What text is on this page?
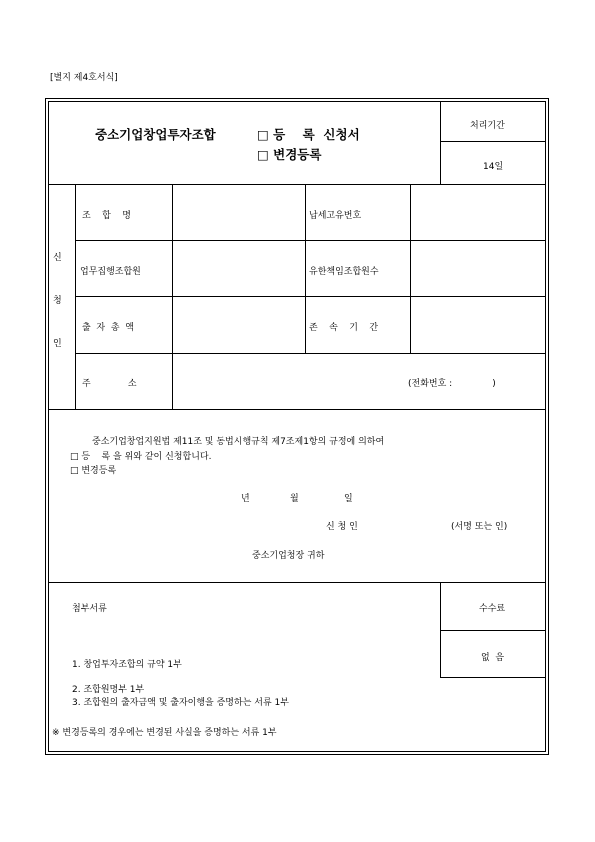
[별지 제4호서식]
중소기업창업투자조합	□ 등    록  신청서
□ 변경등록
처리기간
14일
신
청
인
조    합    명	납세고유번호
업무집행조합원	유한책임조합원수
출  자  총  액	존    속    기    간
주             소	(전화번호 :              )
중소기업창업지원법 제11조 및 동법시행규칙 제7조제1항의 규정에 의하여
□ 등    록 을 위와 같이 신청합니다.
□ 변경등록
년	월	일
신 청 인	(서명 또는 인)
중소기업청장 귀하
첨부서류	수수료
없  음
1. 창업투자조합의 규약 1부
2. 조합원명부 1부
3. 조합원의 출자금액 및 출자이행을 증명하는 서류 1부
※ 변경등록의 경우에는 변경된 사실을 증명하는 서류 1부
